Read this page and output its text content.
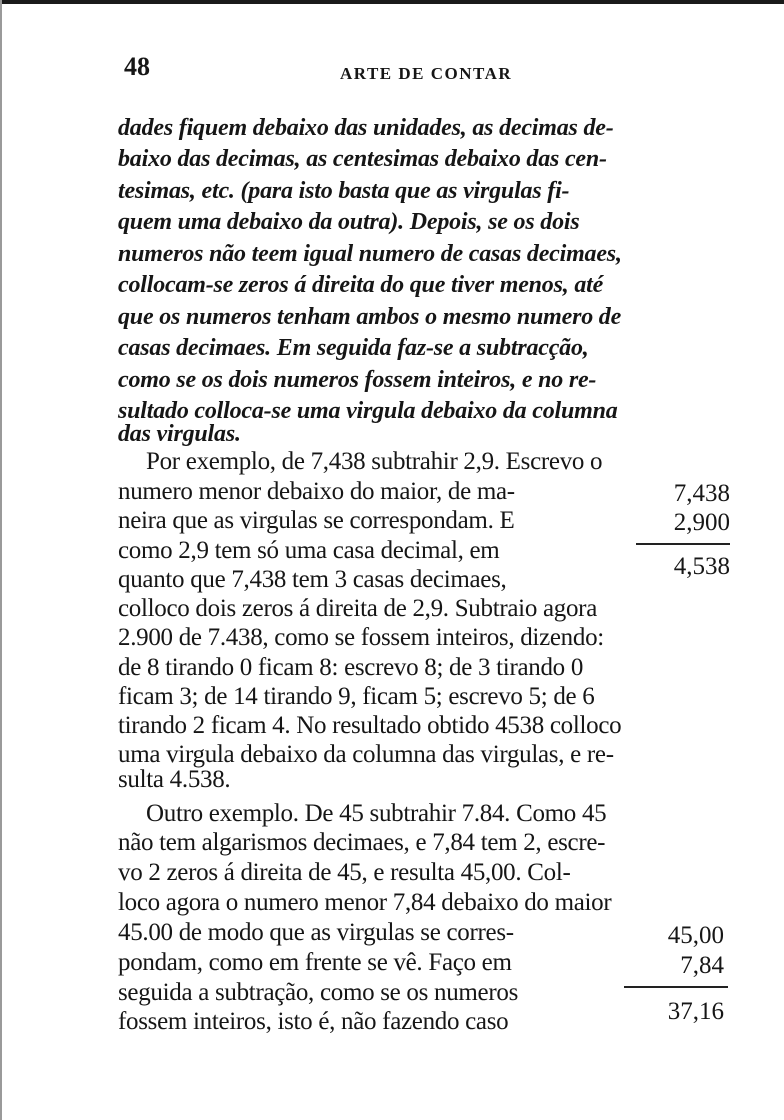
48	ARTE DE CONTAR

dades fiquem debaixo das unidades, as decimas de-

baixo das decimas, as centesimas debaixo das cen-

tesimas, etc. (para isto basta que as virgulas fi-

quem uma debaixo da outra). Depois, se os dois

numeros não teem igual numero de casas decimaes,

collocam-se zeros á direita do que tiver menos, até

que os numeros tenham ambos o mesmo numero de

casas decimaes. Em seguida faz-se a subtracção,

como se os dois numeros fossem inteiros, e no re-

sultado colloca-se uma virgula debaixo da columna

das virgulas.

Por exemplo, de 7,438 subtrahir 2,9. Escrevo o

numero menor debaixo do maior, de ma-

neira que as virgulas se correspondam. E

como 2,9 tem só uma casa decimal, em

quanto que 7,438 tem 3 casas decimaes,

colloco dois zeros á direita de 2,9. Subtraio agora

2.900 de 7.438, como se fossem inteiros, dizendo:

de 8 tirando 0 ficam 8: escrevo 8; de 3 tirando 0

ficam 3; de 14 tirando 9, ficam 5; escrevo 5; de 6

tirando 2 ficam 4. No resultado obtido 4538 colloco

uma virgula debaixo da columna das virgulas, e re-

sulta 4.538.

7,438

2,900

4,538

Outro exemplo. De 45 subtrahir 7.84. Como 45

não tem algarismos decimaes, e 7,84 tem 2, escre-

vo 2 zeros á direita de 45, e resulta 45,00. Col-

loco agora o numero menor 7,84 debaixo do maior

45.00 de modo que as virgulas se corres-

pondam, como em frente se vê. Faço em

seguida a subtração, como se os numeros

fossem inteiros, isto é, não fazendo caso

45,00

7,84

37,16
